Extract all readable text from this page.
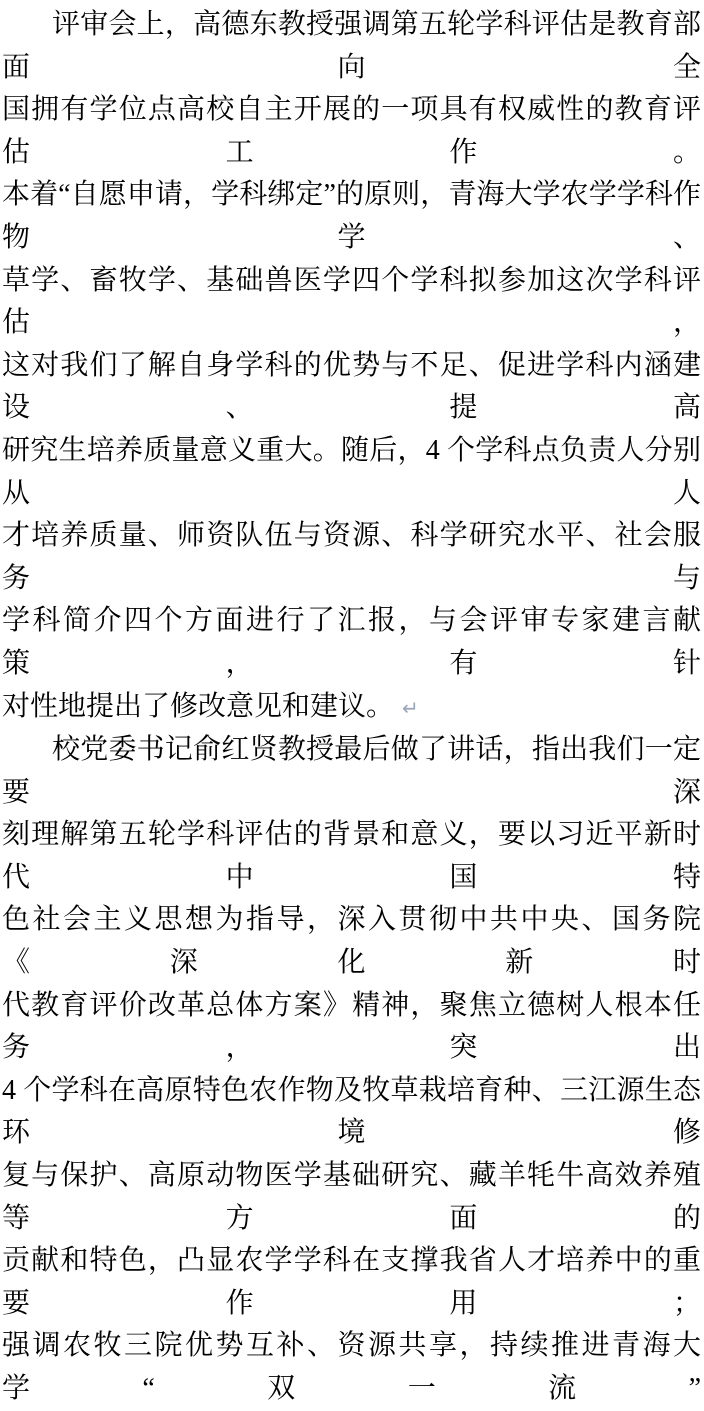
评审会上，高德东教授强调第五轮学科评估是教育部面向全
国拥有学位点高校自主开展的一项具有权威性的教育评估工作。
本着“自愿申请，学科绑定”的原则，青海大学农学学科作物学、
草学、畜牧学、基础兽医学四个学科拟参加这次学科评估，
这对我们了解自身学科的优势与不足、促进学科内涵建设、提高
研究生培养质量意义重大。随后，4 个学科点负责人分别从人
才培养质量、师资队伍与资源、科学研究水平、社会服务与
学科简介四个方面进行了汇报，与会评审专家建言献策，有针
对性地提出了修改意见和建议。 ↵
校党委书记俞红贤教授最后做了讲话，指出我们一定要深
刻理解第五轮学科评估的背景和意义，要以习近平新时代中国特
色社会主义思想为指导，深入贯彻中共中央、国务院《深化新时
代教育评价改革总体方案》精神，聚焦立德树人根本任务，突出
4 个学科在高原特色农作物及牧草栽培育种、三江源生态环境修
复与保护、高原动物医学基础研究、藏羊牦牛高效养殖等方面的
贡献和特色，凸显农学学科在支撑我省人才培养中的重要作用；
强调农牧三院优势互补、资源共享，持续推进青海大学“双一流”
